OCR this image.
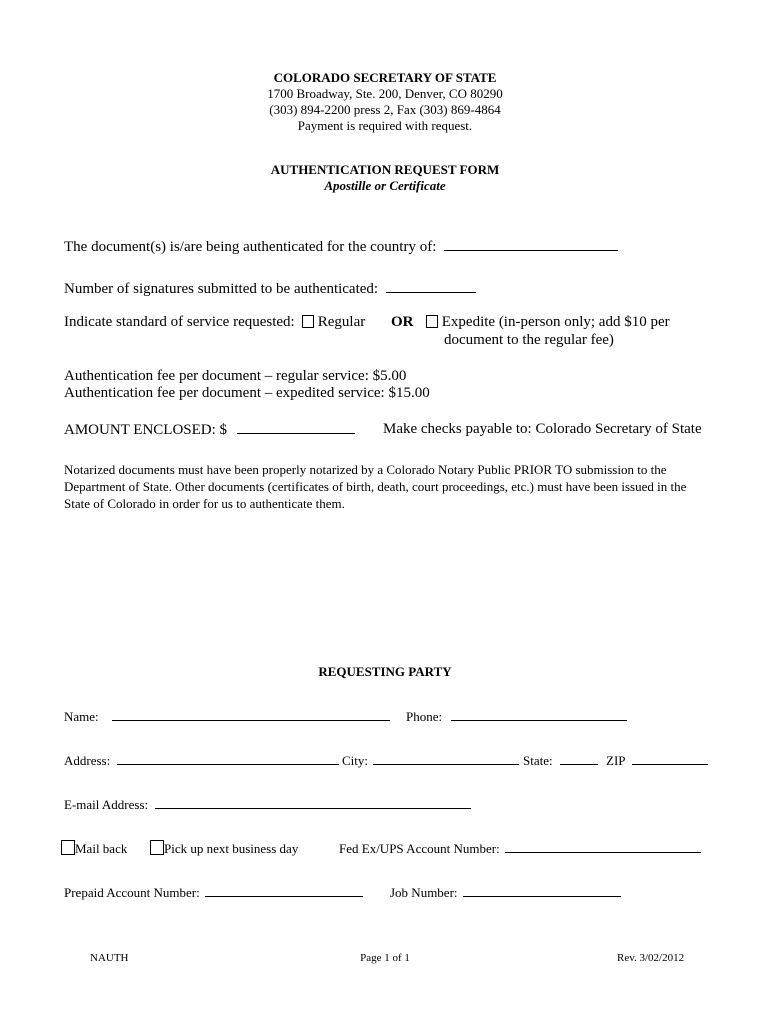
COLORADO SECRETARY OF STATE
1700 Broadway, Ste. 200, Denver, CO 80290
(303) 894-2200 press 2, Fax (303) 869-4864
Payment is required with request.
AUTHENTICATION REQUEST FORM
Apostille or Certificate
The document(s) is/are being authenticated for the country of:
Number of signatures submitted to be authenticated:
Indicate standard of service requested:	Regular OR	Expedite (in-person only; add $10 per
document to the regular fee)
Authentication fee per document – regular service: $5.00
Authentication fee per document – expedited service: $15.00
AMOUNT ENCLOSED: $	Make checks payable to: Colorado Secretary of State
Notarized documents must have been properly notarized by a Colorado Notary Public PRIOR TO submission to the Department of State. Other documents (certificates of birth, death, court proceedings, etc.) must have been issued in the State of Colorado in order for us to authenticate them.
REQUESTING PARTY
Name:	Phone:
Address:	City:	State:	ZIP
E-mail Address:
Mail back	Pick up next business day	Fed Ex/UPS Account Number:
Prepaid Account Number:	Job Number:
NAUTH	Page 1 of 1	Rev. 3/02/2012
